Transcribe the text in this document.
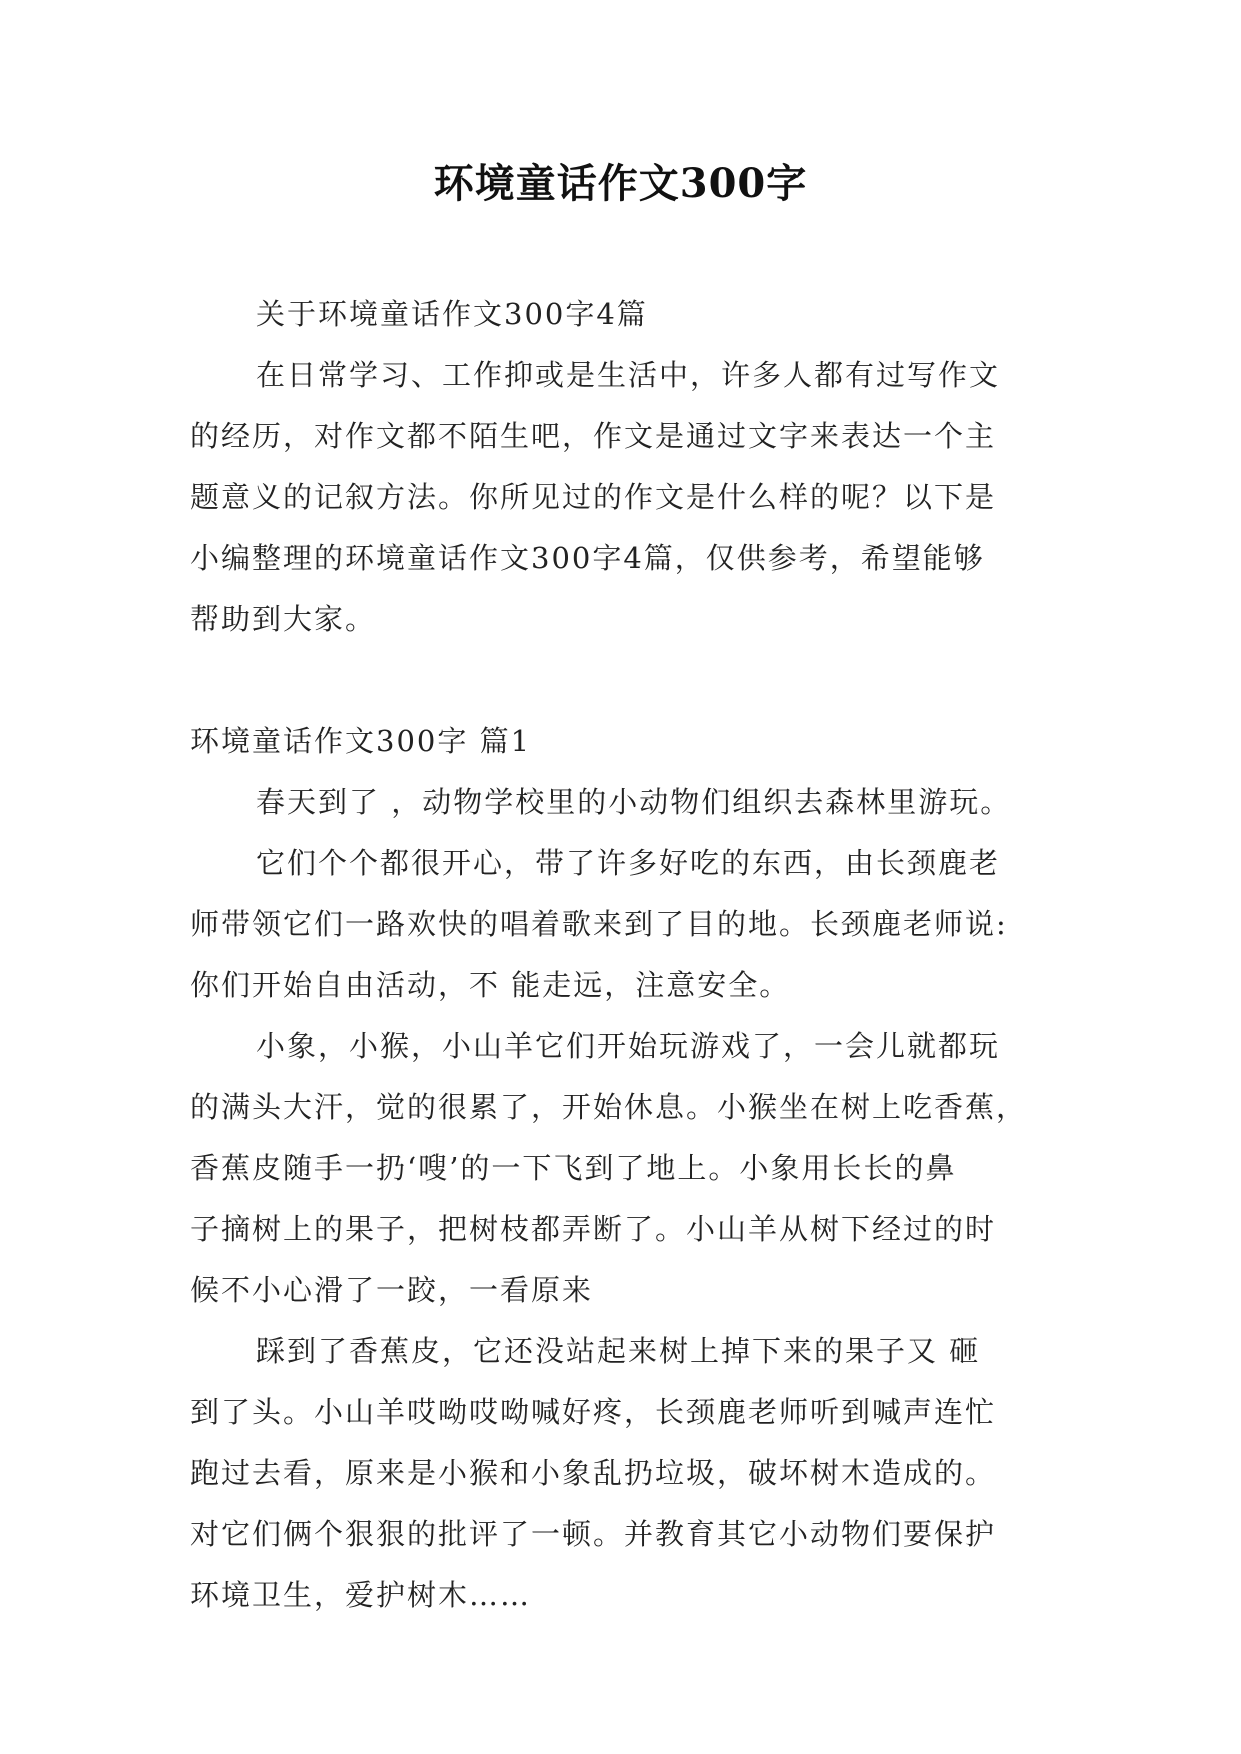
环境童话作文300字
关于环境童话作文300字4篇
在日常学习、工作抑或是生活中，许多人都有过写作文
的经历，对作文都不陌生吧，作文是通过文字来表达一个主
题意义的记叙方法。你所见过的作文是什么样的呢？以下是
小编整理的环境童话作文300字4篇，仅供参考，希望能够
帮助到大家。
环境童话作文300字 篇1
春天到了 ，动物学校里的小动物们组织去森林里游玩。
它们个个都很开心，带了许多好吃的东西，由长颈鹿老
师带领它们一路欢快的唱着歌来到了目的地。长颈鹿老师说:
你们开始自由活动，不 能走远，注意安全。
小象，小猴，小山羊它们开始玩游戏了，一会儿就都玩
的满头大汗，觉的很累了，开始休息。小猴坐在树上吃香蕉，
香蕉皮随手一扔‘嗖’的一下飞到了地上。小象用长长的鼻
子摘树上的果子，把树枝都弄断了。小山羊从树下经过的时
候不小心滑了一跤，一看原来
踩到了香蕉皮，它还没站起来树上掉下来的果子又 砸
到了头。小山羊哎呦哎呦喊好疼，长颈鹿老师听到喊声连忙
跑过去看，原来是小猴和小象乱扔垃圾，破坏树木造成的。
对它们俩个狠狠的批评了一顿。并教育其它小动物们要保护
环境卫生，爱护树木……
